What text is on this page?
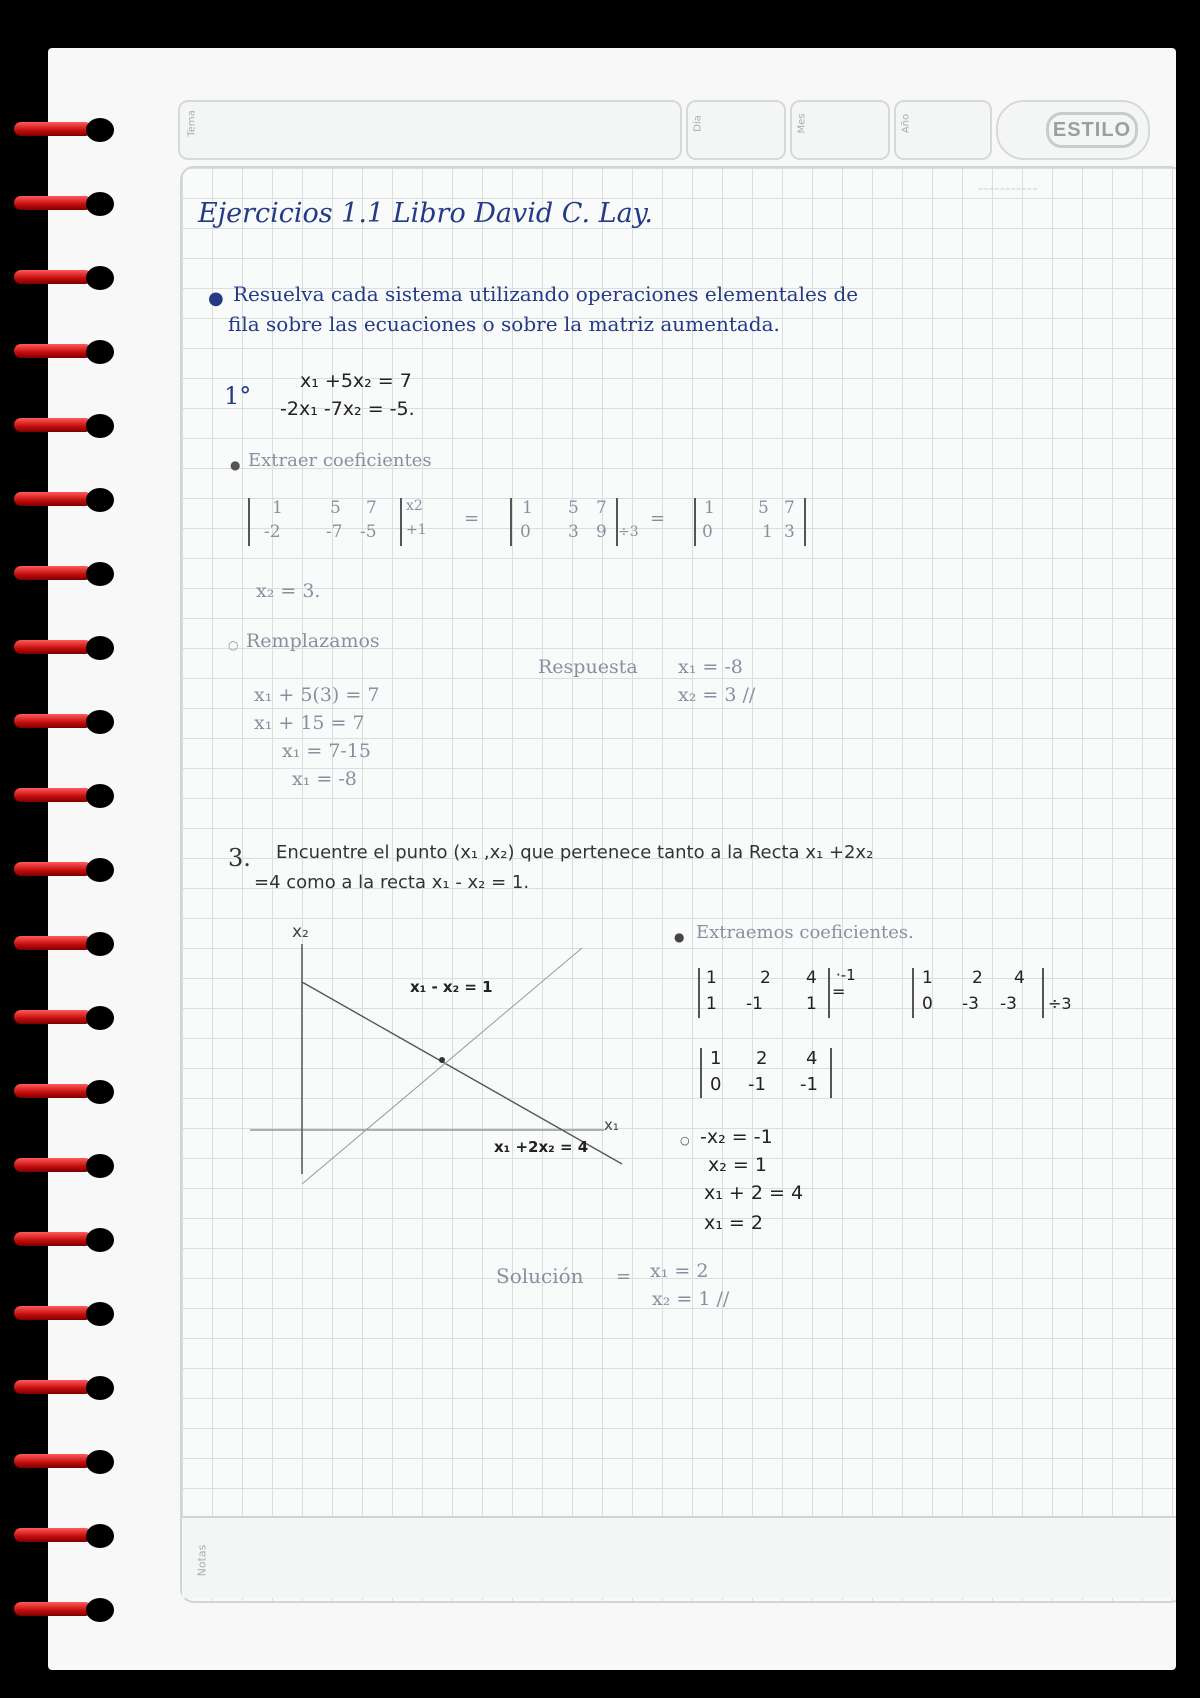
Tema	Día	Mes	Año	ESTILO
Notas
-----------
Ejercicios 1.1 Libro David C. Lay.
● Resuelva cada sistema utilizando operaciones elementales de
fila sobre las ecuaciones o sobre la matriz aumentada.
1°
x₁ +5x₂ = 7
-2x₁ -7x₂ = -5.
● Extraer coeficientes
1	5 7
-2	-7 -5
x2
+1
=	1 5 7
0 3 9 ÷3
= 1	5 7
0	1 3
x₂ = 3.
○ Remplazamos
x₁ + 5(3) = 7
x₁ + 15 = 7
x₁ = 7-15
x₁ = -8
Respuesta x₁ = -8
x₂ = 3 //
3. Encuentre el punto (x₁ ,x₂) que pertenece tanto a la Recta x₁ +2x₂
=4 como a la recta x₁ - x₂ = 1.
x₂
x₁
x₁ - x₂ = 1
x₁ +2x₂ = 4
● Extraemos coeficientes.
1	2 4
1 -1	1
·-1
=
1 2 4
0 -3 -3 ÷3
1 2 4
0 -1 -1
○ -x₂ = -1
x₂ = 1
x₁ + 2 = 4
x₁ = 2
Solución = x₁ = 2
x₂ = 1 //
